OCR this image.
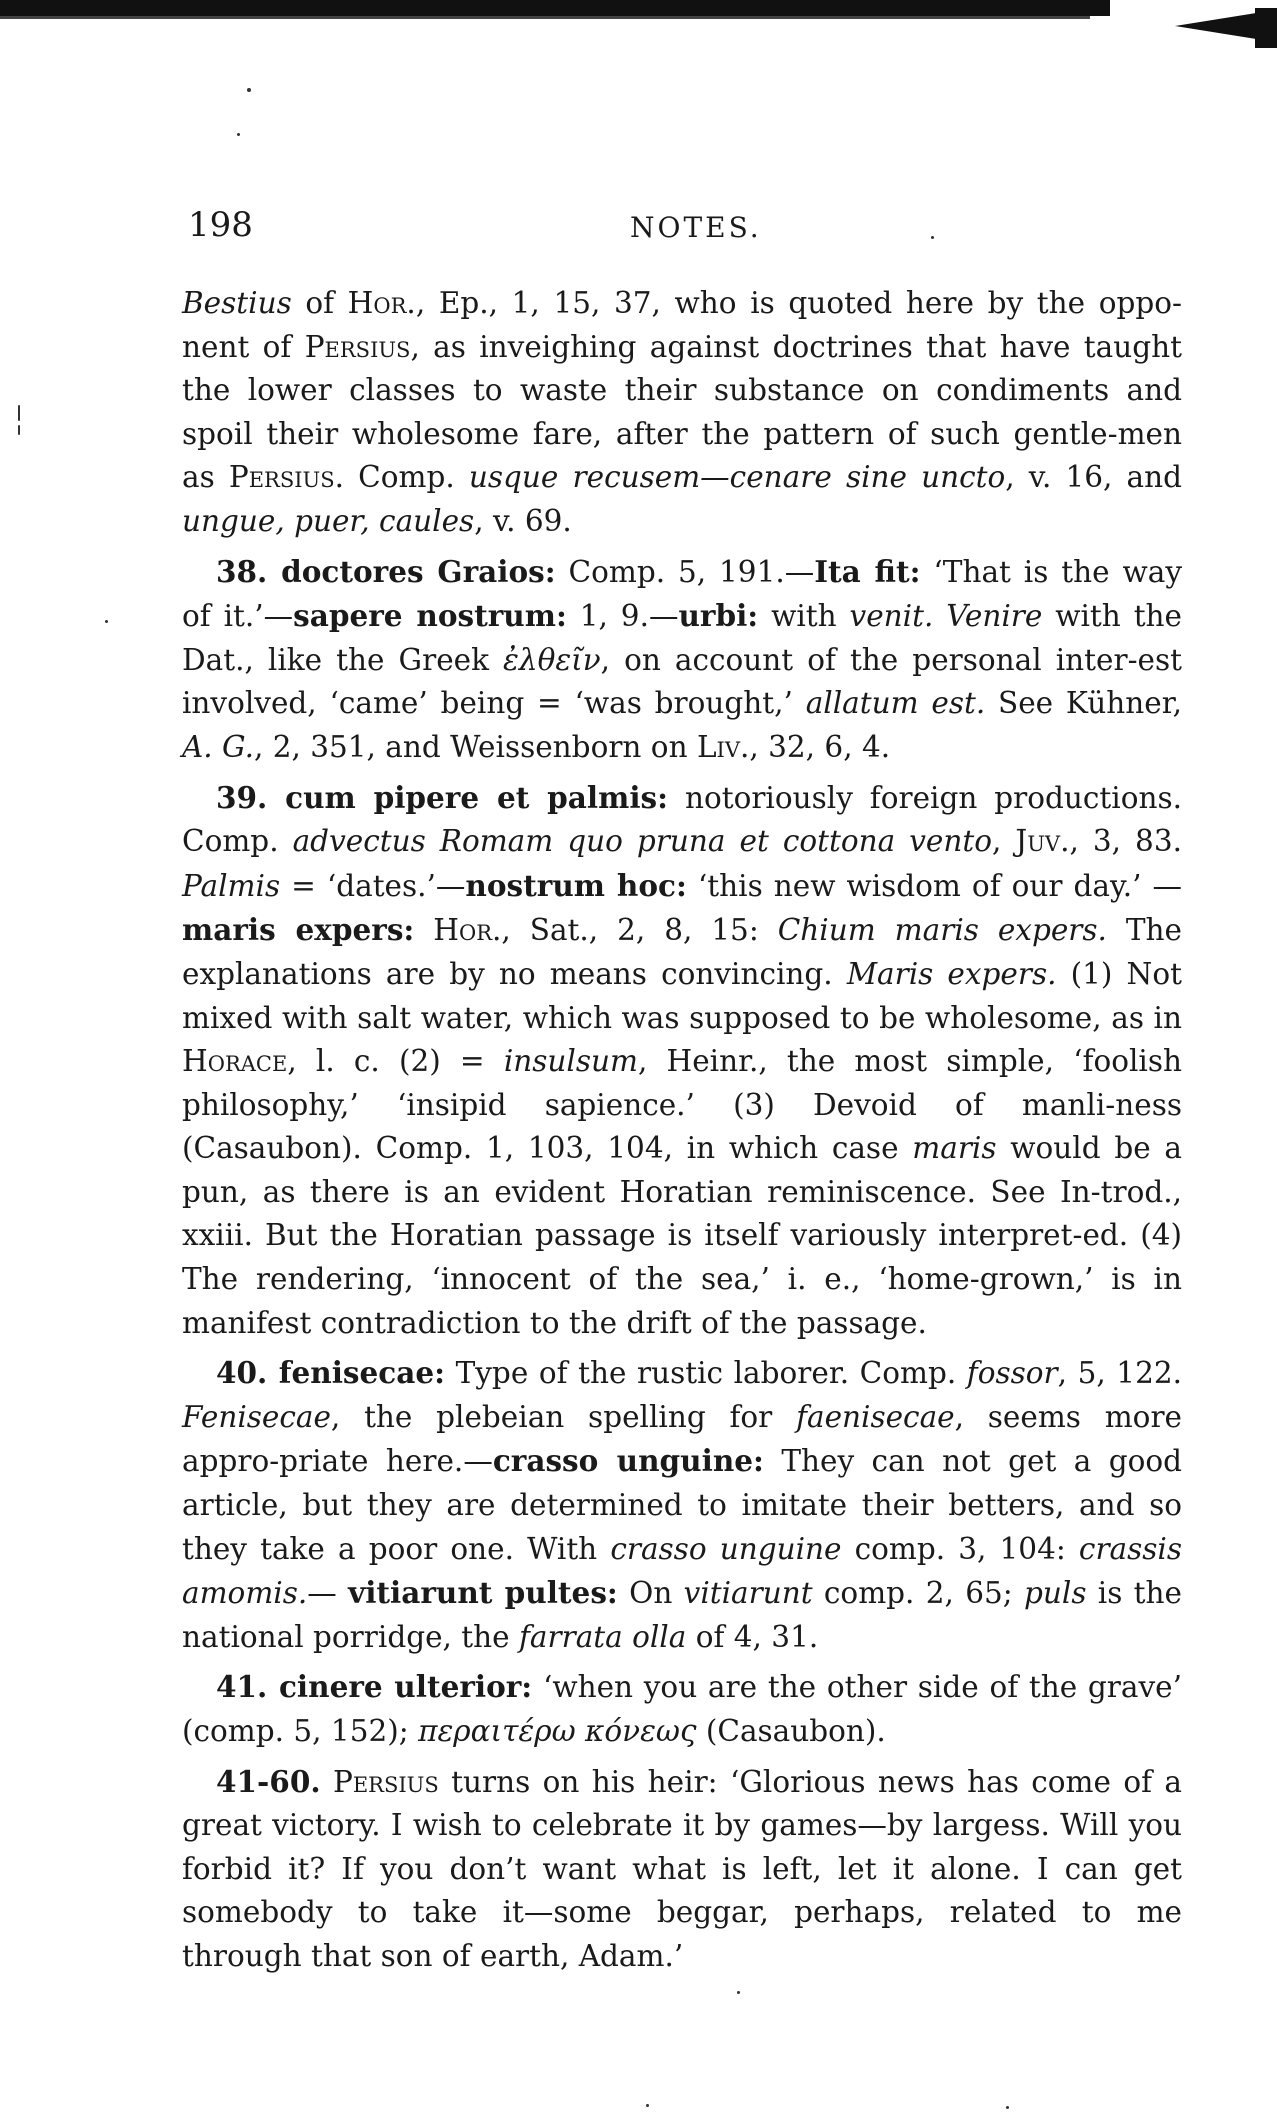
198	NOTES.

Bestius of Hor., Ep., 1, 15, 37, who is quoted here by the oppo-nent of Persius, as inveighing against doctrines that have taught the lower classes to waste their substance on condiments and spoil their wholesome fare, after the pattern of such gentle-men as Persius. Comp. usque recusem—cenare sine uncto, v. 16, and ungue, puer, caules, v. 69.

38. doctores Graios: Comp. 5, 191.—Ita fit: ‘That is the way of it.’—sapere nostrum: 1, 9.—urbi: with venit. Venire with the Dat., like the Greek ἐλθεῖν, on account of the personal inter-est involved, ‘came’ being = ‘was brought,’ allatum est. See Kühner, A. G., 2, 351, and Weissenborn on Liv., 32, 6, 4.

39. cum pipere et palmis: notoriously foreign productions. Comp. advectus Romam quo pruna et cottona vento, Juv., 3, 83. Palmis = ‘dates.’—nostrum hoc: ‘this new wisdom of our day.’ —maris expers: Hor., Sat., 2, 8, 15: Chium maris expers. The explanations are by no means convincing. Maris expers. (1) Not mixed with salt water, which was supposed to be wholesome, as in Horace, l. c. (2) = insulsum, Heinr., the most simple, ‘foolish philosophy,’ ‘insipid sapience.’ (3) Devoid of manli-ness (Casaubon). Comp. 1, 103, 104, in which case maris would be a pun, as there is an evident Horatian reminiscence. See In-trod., xxiii. But the Horatian passage is itself variously interpret-ed. (4) The rendering, ‘innocent of the sea,’ i. e., ‘home-grown,’ is in manifest contradiction to the drift of the passage.

40. fenisecae: Type of the rustic laborer. Comp. fossor, 5, 122. Fenisecae, the plebeian spelling for faenisecae, seems more appro-priate here.—crasso unguine: They can not get a good article, but they are determined to imitate their betters, and so they take a poor one. With crasso unguine comp. 3, 104: crassis amomis.— vitiarunt pultes: On vitiarunt comp. 2, 65; puls is the national porridge, the farrata olla of 4, 31.

41. cinere ulterior: ‘when you are the other side of the grave’ (comp. 5, 152); περαιτέρω κόνεως (Casaubon).

41-60. Persius turns on his heir: ‘Glorious news has come of a great victory. I wish to celebrate it by games—by largess. Will you forbid it? If you don’t want what is left, let it alone. I can get somebody to take it—some beggar, perhaps, related to me through that son of earth, Adam.’
